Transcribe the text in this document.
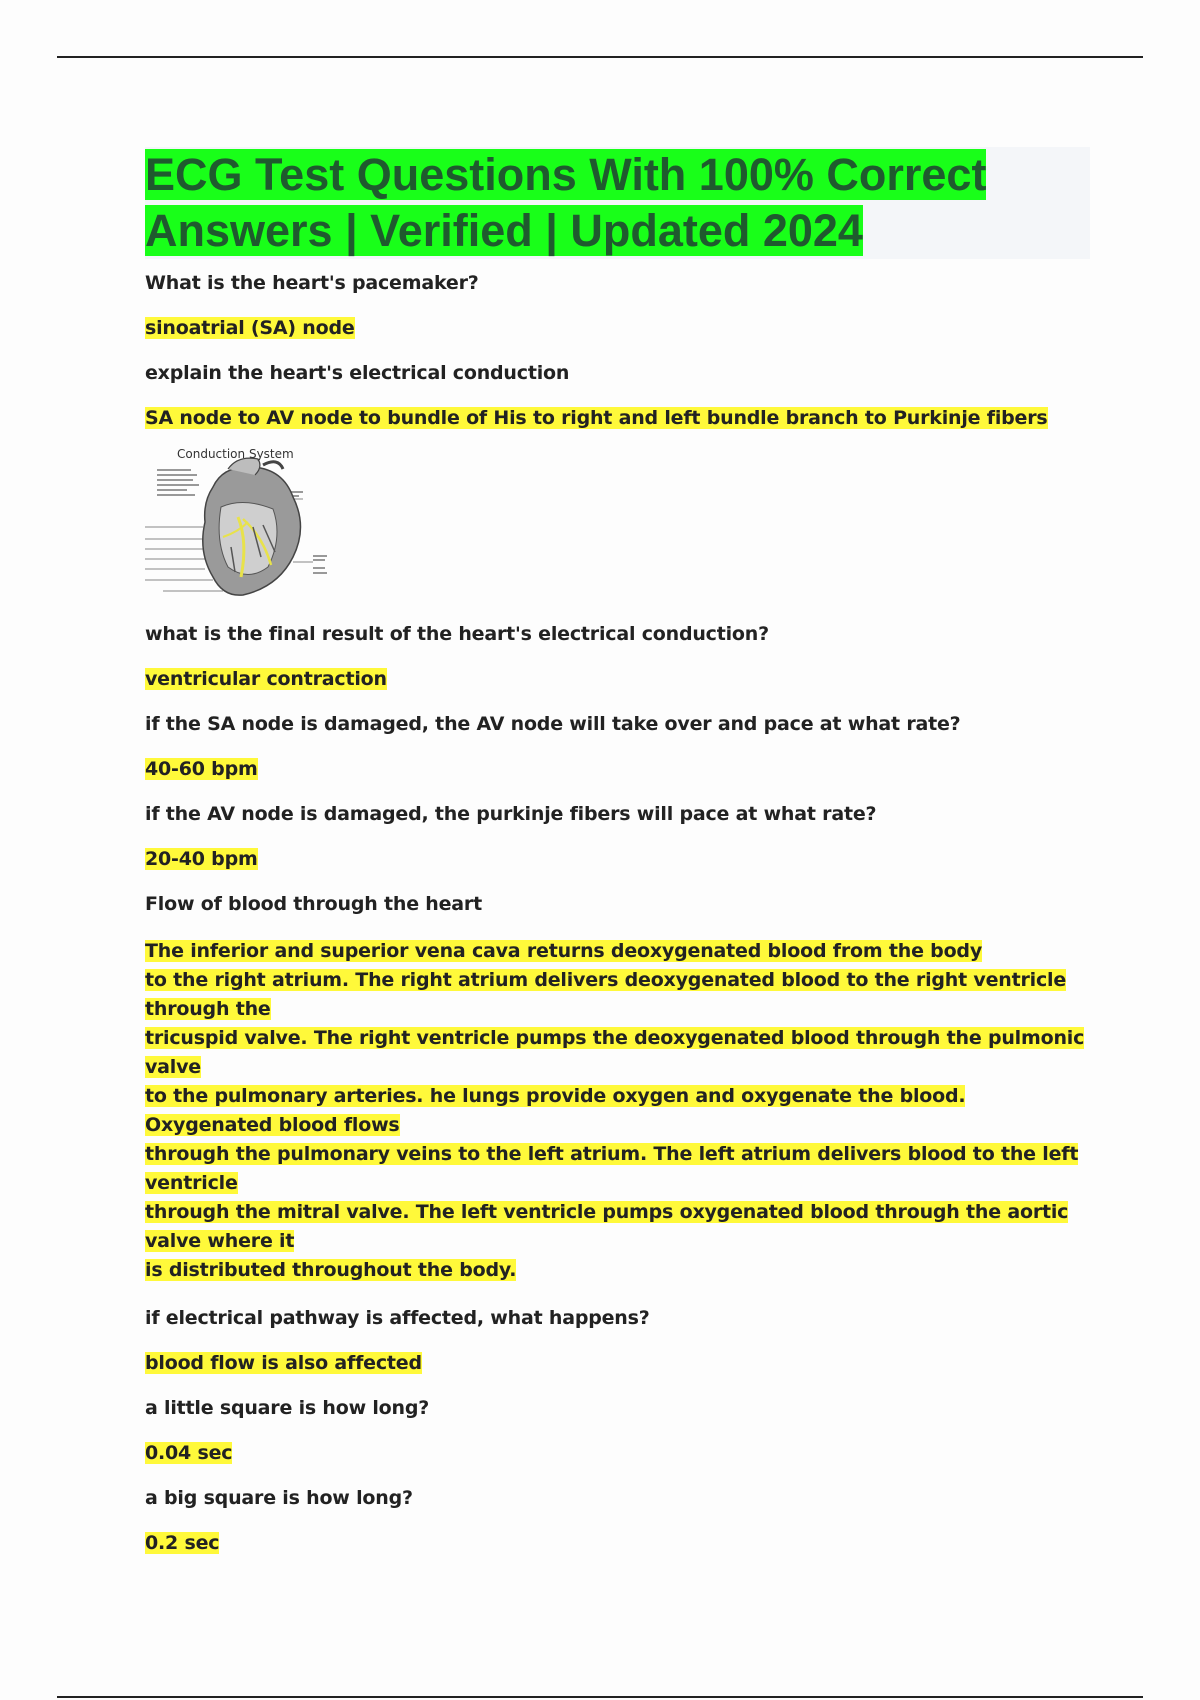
ECG Test Questions With 100% Correct Answers | Verified | Updated 2024

What is the heart's pacemaker?

sinoatrial (SA) node

explain the heart's electrical conduction

SA node to AV node to bundle of His to right and left bundle branch to Purkinje fibers

Conduction System

what is the final result of the heart's electrical conduction?

ventricular contraction

if the SA node is damaged, the AV node will take over and pace at what rate?

40-60 bpm

if the AV node is damaged, the purkinje fibers will pace at what rate?

20-40 bpm

Flow of blood through the heart

The inferior and superior vena cava returns deoxygenated blood from the body
to the right atrium. The right atrium delivers deoxygenated blood to the right ventricle through the
tricuspid valve. The right ventricle pumps the deoxygenated blood through the pulmonic valve
to the pulmonary arteries. he lungs provide oxygen and oxygenate the blood. Oxygenated blood flows
through the pulmonary veins to the left atrium. The left atrium delivers blood to the left ventricle
through the mitral valve. The left ventricle pumps oxygenated blood through the aortic valve where it
is distributed throughout the body.

if electrical pathway is affected, what happens?

blood flow is also affected

a little square is how long?

0.04 sec

a big square is how long?

0.2 sec
